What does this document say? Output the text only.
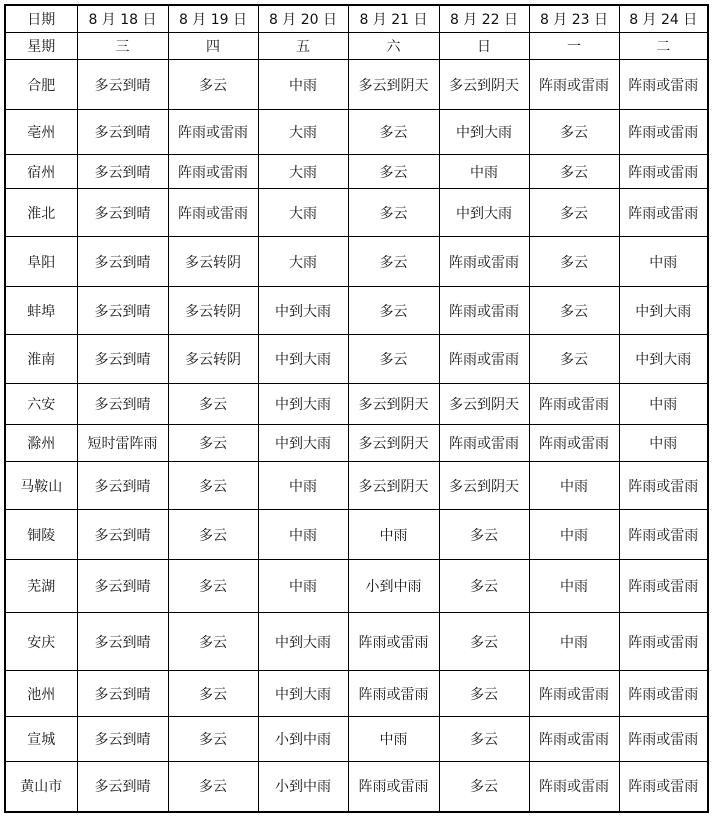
日期	8 月 18 日	8 月 19 日	8 月 20 日	8 月 21 日	8 月 22 日	8 月 23 日	8 月 24 日
星期	三	四	五	六	日	一	二
合肥	多云到晴	多云	中雨	多云到阴天	多云到阴天	阵雨或雷雨	阵雨或雷雨
亳州	多云到晴	阵雨或雷雨	大雨	多云	中到大雨	多云	阵雨或雷雨
宿州	多云到晴	阵雨或雷雨	大雨	多云	中雨	多云	阵雨或雷雨
淮北	多云到晴	阵雨或雷雨	大雨	多云	中到大雨	多云	阵雨或雷雨
阜阳	多云到晴	多云转阴	大雨	多云	阵雨或雷雨	多云	中雨
蚌埠	多云到晴	多云转阴	中到大雨	多云	阵雨或雷雨	多云	中到大雨
淮南	多云到晴	多云转阴	中到大雨	多云	阵雨或雷雨	多云	中到大雨
六安	多云到晴	多云	中到大雨	多云到阴天	多云到阴天	阵雨或雷雨	中雨
滁州	短时雷阵雨	多云	中到大雨	多云到阴天	阵雨或雷雨	阵雨或雷雨	中雨
马鞍山	多云到晴	多云	中雨	多云到阴天	多云到阴天	中雨	阵雨或雷雨
铜陵	多云到晴	多云	中雨	中雨	多云	中雨	阵雨或雷雨
芜湖	多云到晴	多云	中雨	小到中雨	多云	中雨	阵雨或雷雨
安庆	多云到晴	多云	中到大雨	阵雨或雷雨	多云	中雨	阵雨或雷雨
池州	多云到晴	多云	中到大雨	阵雨或雷雨	多云	阵雨或雷雨	阵雨或雷雨
宣城	多云到晴	多云	小到中雨	中雨	多云	阵雨或雷雨	阵雨或雷雨
黄山市	多云到晴	多云	小到中雨	阵雨或雷雨	多云	阵雨或雷雨	阵雨或雷雨
